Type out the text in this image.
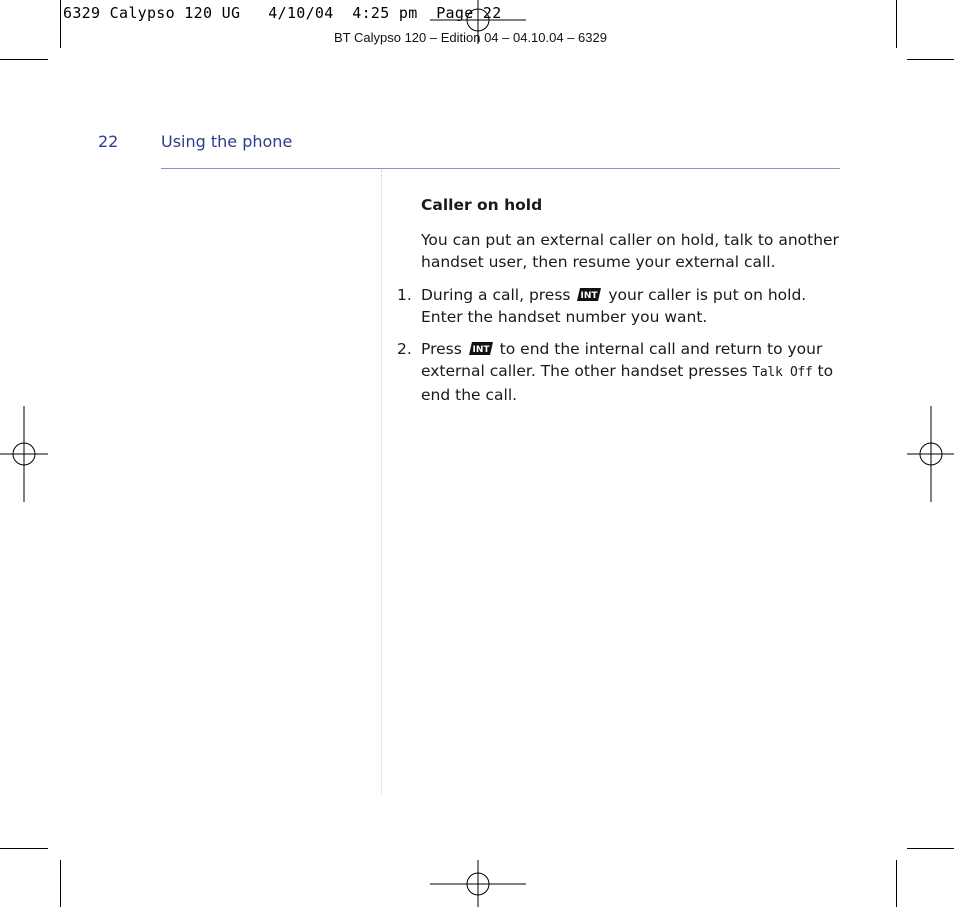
6329 Calypso 120 UG   4/10/04  4:25 pm  Page 22
BT Calypso 120 – Edition 04 – 04.10.04 – 6329
22	Using the phone
Caller on hold
You can put an external caller on hold, talk to another handset user, then resume your external call.
1. During a call, press INT your caller is put on hold. Enter the handset number you want.
2. Press INT to end the internal call and return to your external caller. The other handset presses Talk Off to end the call.
